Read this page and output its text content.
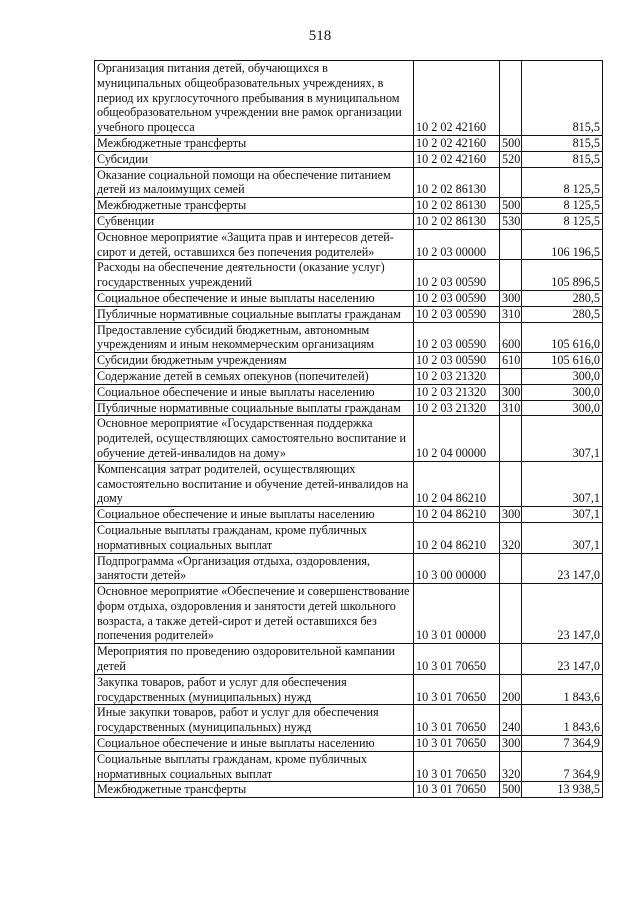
518
Организация питания детей, обучающихся в муниципальных общеобразовательных учреждениях, в период их круглосуточного пребывания в муниципальном общеобразовательном учреждении вне рамок организации учебного процесса	10 2 02 42160		815,5
Межбюджетные трансферты	10 2 02 42160	500	815,5
Субсидии	10 2 02 42160	520	815,5
Оказание социальной помощи на обеспечение питанием детей из малоимущих семей	10 2 02 86130		8 125,5
Межбюджетные трансферты	10 2 02 86130	500	8 125,5
Субвенции	10 2 02 86130	530	8 125,5
Основное мероприятие «Защита прав и интересов детей-сирот и детей, оставшихся без попечения родителей»	10 2 03 00000		106 196,5
Расходы на обеспечение деятельности (оказание услуг) государственных учреждений	10 2 03 00590		105 896,5
Социальное обеспечение и иные выплаты населению	10 2 03 00590	300	280,5
Публичные нормативные социальные выплаты гражданам	10 2 03 00590	310	280,5
Предоставление субсидий бюджетным, автономным учреждениям и иным некоммерческим организациям	10 2 03 00590	600	105 616,0
Субсидии бюджетным учреждениям	10 2 03 00590	610	105 616,0
Содержание детей в семьях опекунов (попечителей)	10 2 03 21320		300,0
Социальное обеспечение и иные выплаты населению	10 2 03 21320	300	300,0
Публичные нормативные социальные выплаты гражданам	10 2 03 21320	310	300,0
Основное мероприятие «Государственная поддержка родителей, осуществляющих самостоятельно воспитание и обучение детей-инвалидов на дому»	10 2 04 00000		307,1
Компенсация затрат родителей, осуществляющих самостоятельно воспитание и обучение детей-инвалидов на дому	10 2 04 86210		307,1
Социальное обеспечение и иные выплаты населению	10 2 04 86210	300	307,1
Социальные выплаты гражданам, кроме публичных нормативных социальных выплат	10 2 04 86210	320	307,1
Подпрограмма «Организация отдыха, оздоровления, занятости детей»	10 3 00 00000		23 147,0
Основное мероприятие «Обеспечение и совершенствование форм отдыха, оздоровления и занятости детей школьного возраста, а также детей-сирот и детей оставшихся без попечения родителей»	10 3 01 00000		23 147,0
Мероприятия по проведению оздоровительной кампании детей	10 3 01 70650		23 147,0
Закупка товаров, работ и услуг для обеспечения государственных (муниципальных) нужд	10 3 01 70650	200	1 843,6
Иные закупки товаров, работ и услуг для обеспечения государственных (муниципальных) нужд	10 3 01 70650	240	1 843,6
Социальное обеспечение и иные выплаты населению	10 3 01 70650	300	7 364,9
Социальные выплаты гражданам, кроме публичных нормативных социальных выплат	10 3 01 70650	320	7 364,9
Межбюджетные трансферты	10 3 01 70650	500	13 938,5
